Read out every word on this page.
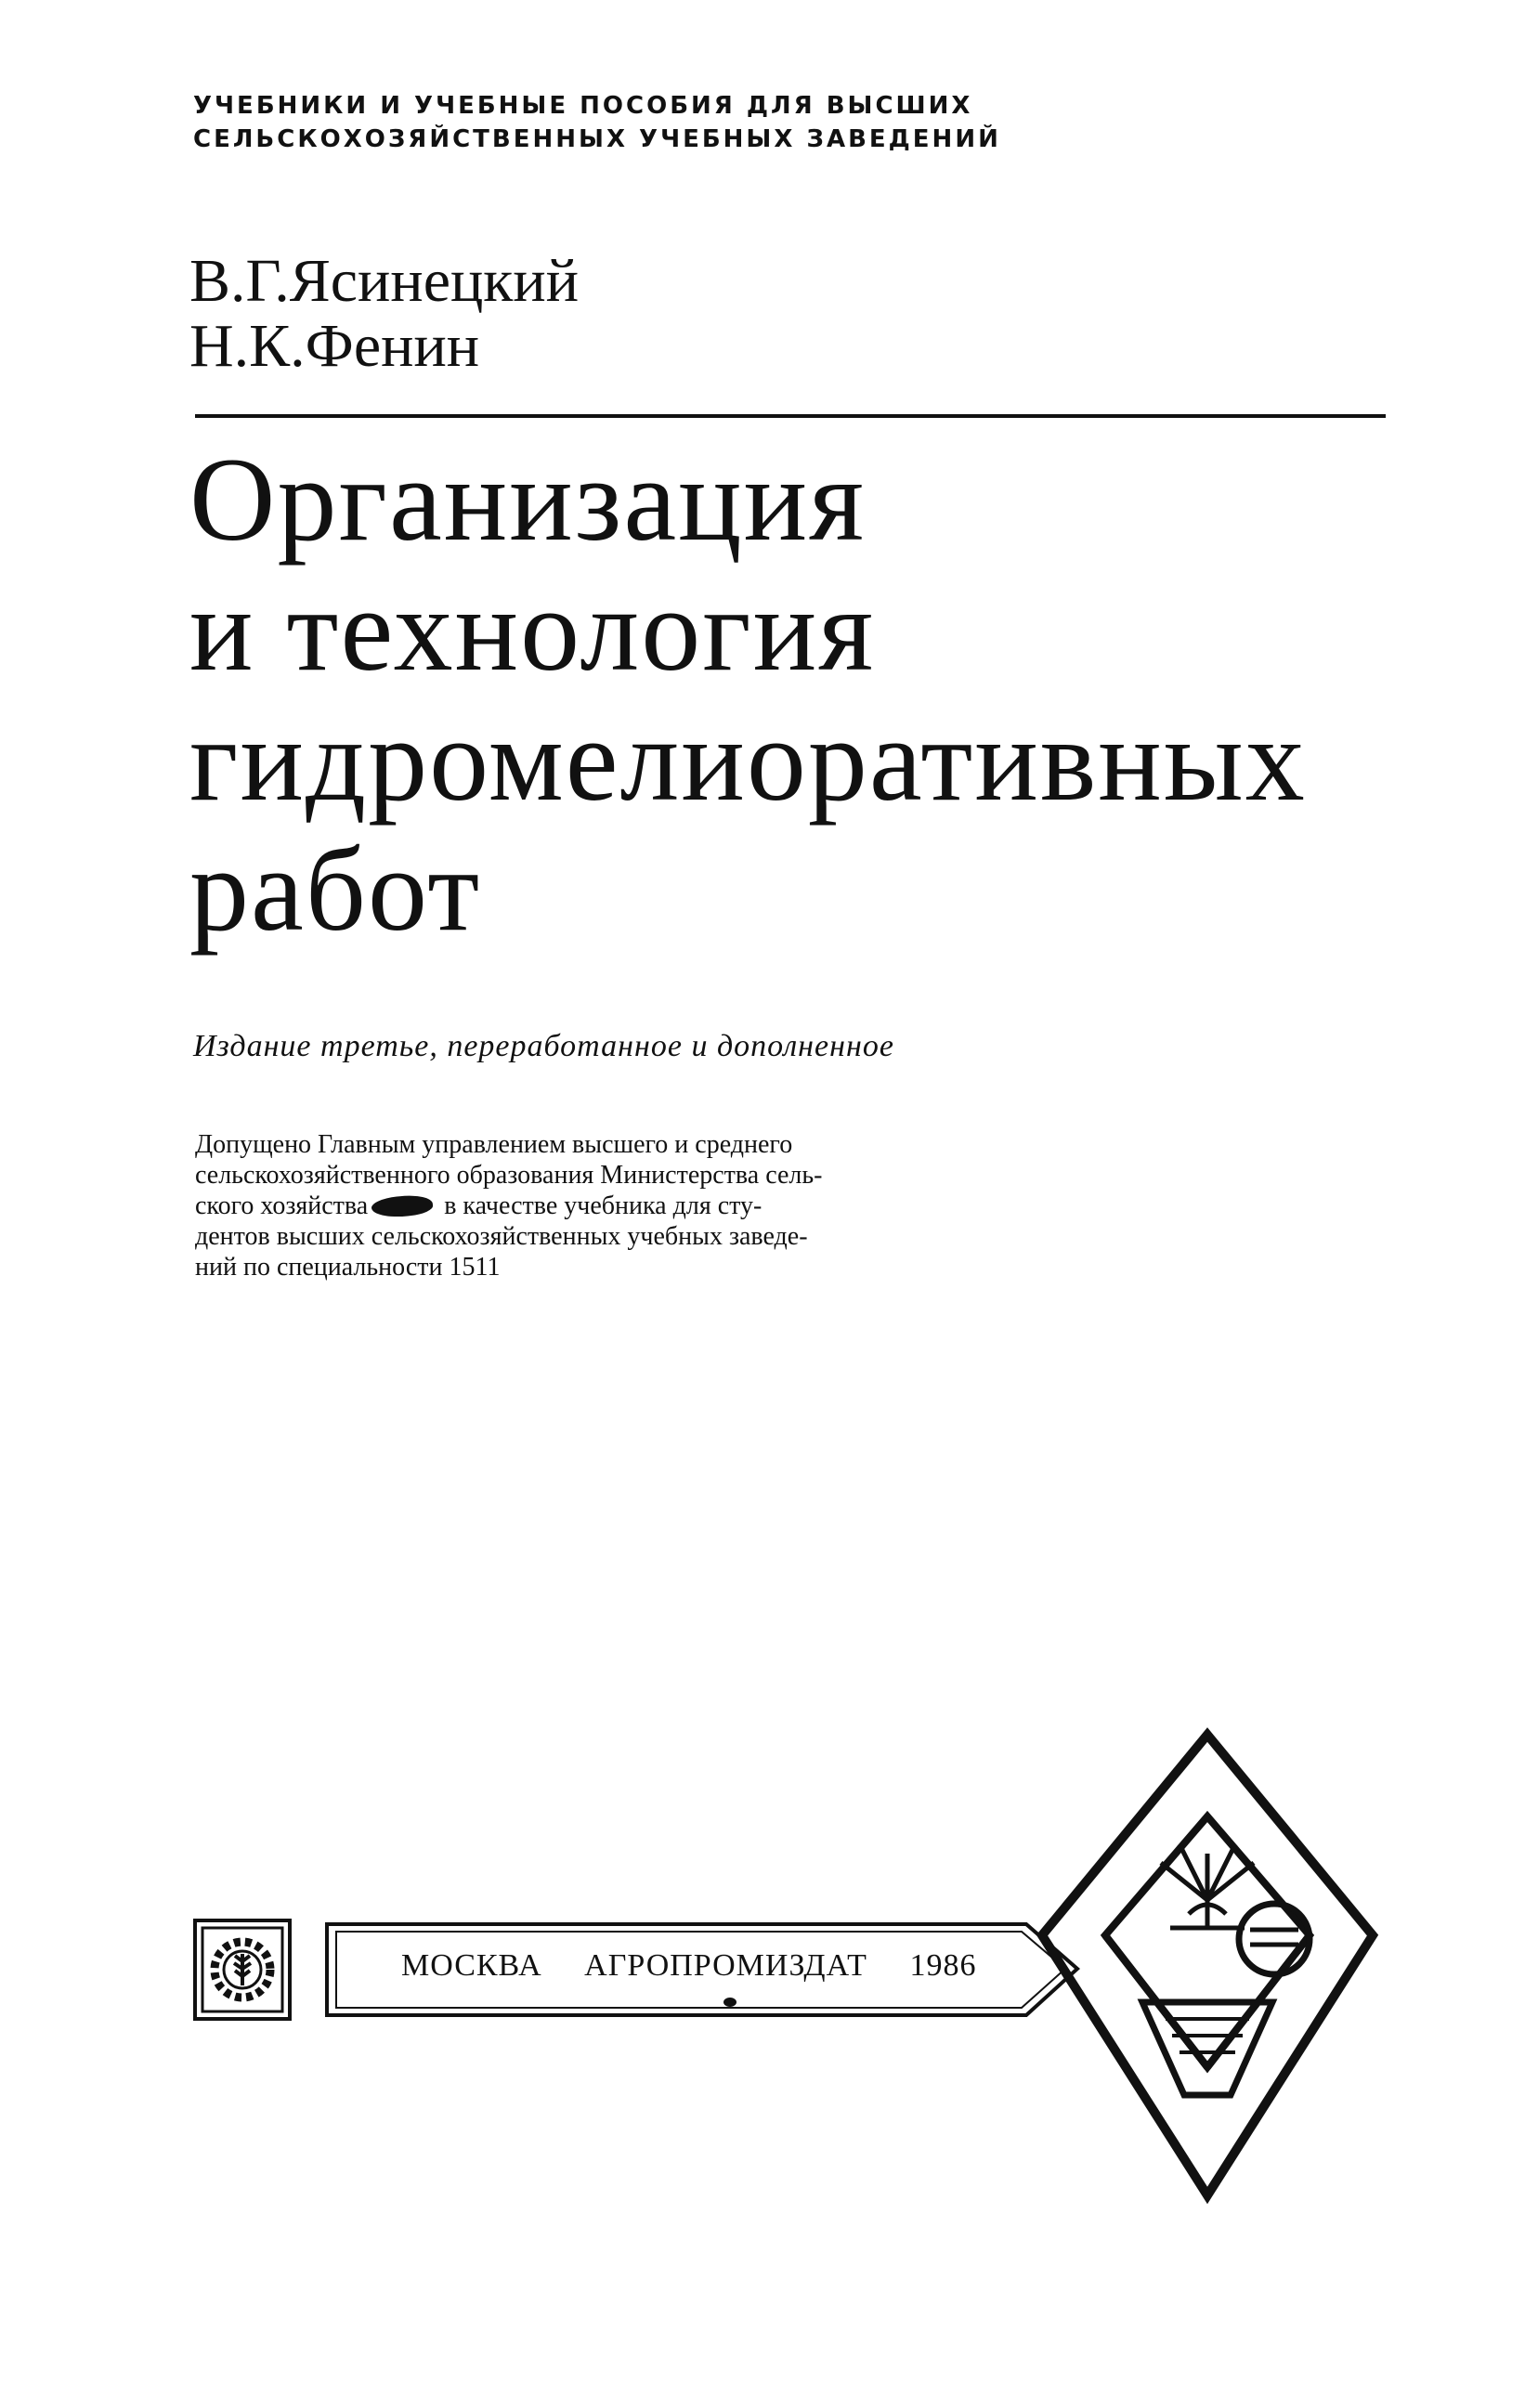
УЧЕБНИКИ И УЧЕБНЫЕ ПОСОБИЯ ДЛЯ ВЫСШИХ
СЕЛЬСКОХОЗЯЙСТВЕННЫХ УЧЕБНЫХ ЗАВЕДЕНИЙ
В.Г.Ясинецкий
Н.К.Фенин
Организация
и технология
гидромелиоративных
работ
Издание третье, переработанное и дополненное
Допущено Главным управлением высшего и среднего
сельскохозяйственного образования Министерства сель-
ского хозяйства	в качестве учебника для сту-
дентов высших сельскохозяйственных учебных заведе-
ний по специальности 1511
МОСКВА АГРОПРОМИЗДАТ 1986
